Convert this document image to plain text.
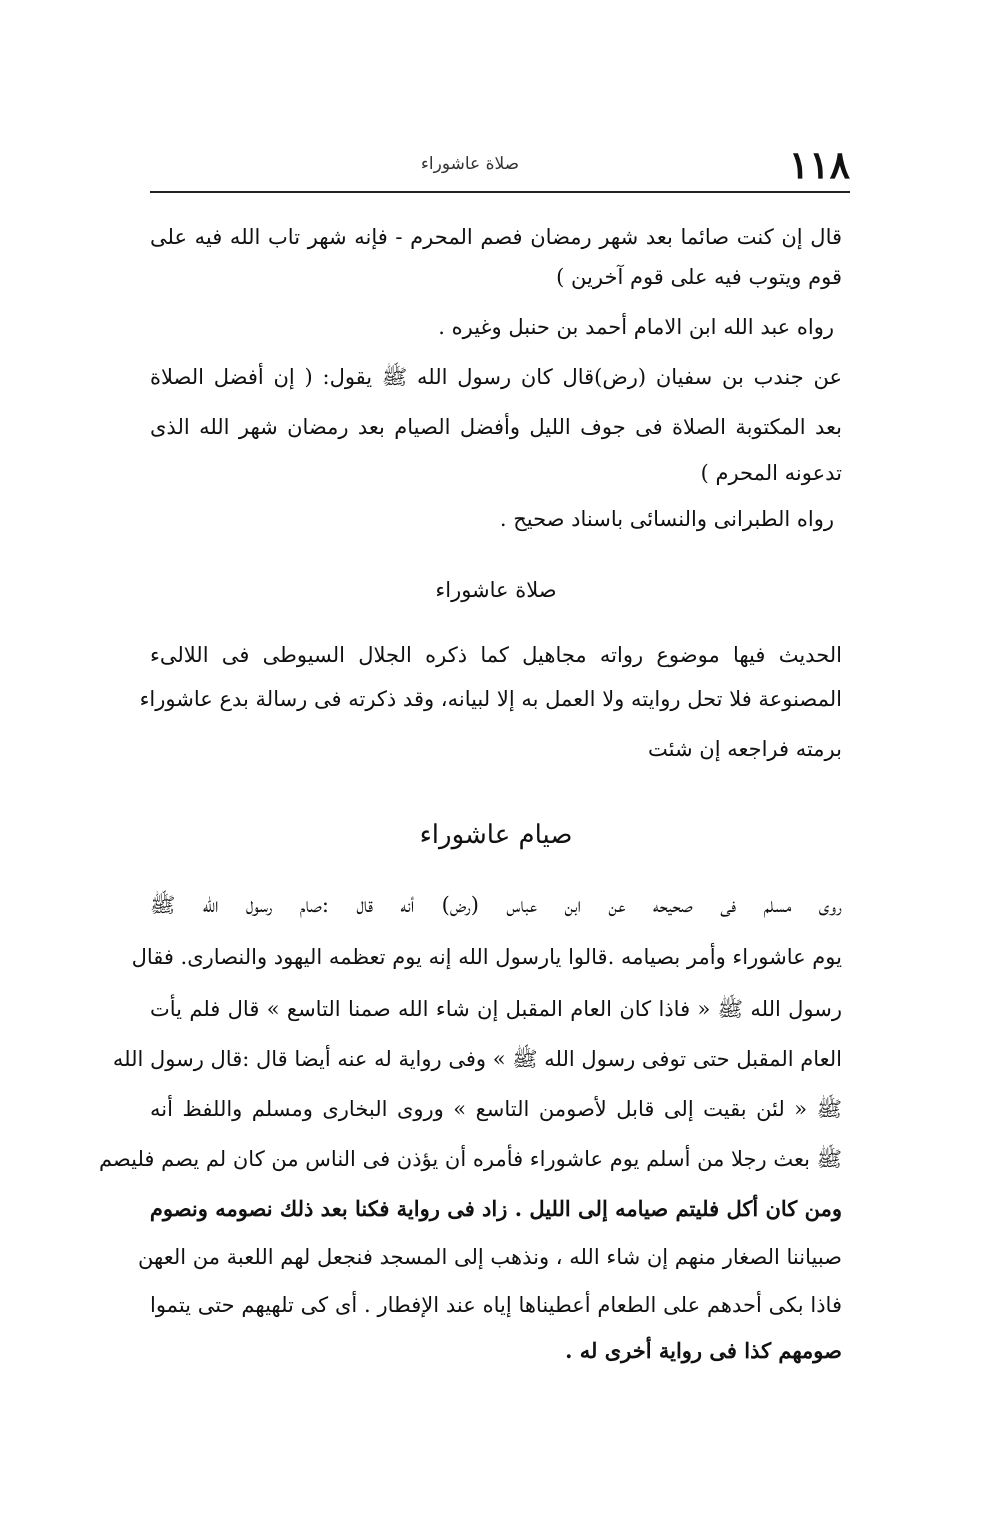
١١٨
صلاة عاشوراء
قال إن كنت صائما بعد شهر رمضان فصم المحرم - فإنه شهر تاب الله فيه على
قوم ويتوب فيه على قوم آخرين )
رواه عبد الله ابن الامام أحمد بن حنبل وغيره .
عن جندب بن سفيان (رض)قال كان رسول الله ﷺ يقول: ( إن أفضل الصلاة
بعد المكتوبة الصلاة فى جوف الليل وأفضل الصيام بعد رمضان شهر الله الذى
تدعونه المحرم )
رواه الطبرانى والنسائى باسناد صحيح .
صلاة عاشوراء
الحديث فيها موضوع رواته مجاهيل كما ذكره الجلال السيوطى فى اللالىء
المصنوعة فلا تحل روايته ولا العمل به إلا لبيانه، وقد ذكرته فى رسالة بدع عاشوراء
برمته فراجعه إن شئت
صيام عاشوراء
روى مسلم فى صحيحه عن ابن عباس (رض) أنه قال :صام رسول الله ﷺ
يوم عاشوراء وأمر بصيامه .قالوا يارسول الله إنه يوم تعظمه اليهود والنصارى. فقال
رسول الله ﷺ « فاذا كان العام المقبل إن شاء الله صمنا التاسع » قال فلم يأت
العام المقبل حتى توفى رسول الله ﷺ » وفى رواية له عنه أيضا قال :قال رسول الله
ﷺ « لئن بقيت إلى قابل لأصومن التاسع » وروى البخارى ومسلم واللفظ أنه
ﷺ بعث رجلا من أسلم يوم عاشوراء فأمره أن يؤذن فى الناس من كان لم يصم فليصم
ومن كان أكل فليتم صيامه إلى الليل . زاد فى رواية فكنا بعد ذلك نصومه ونصوم
صبياننا الصغار منهم إن شاء الله ، ونذهب إلى المسجد فنجعل لهم اللعبة من العهن
فاذا بكى أحدهم على الطعام أعطيناها إياه عند الإفطار . أى كى تلهيهم حتى يتموا
صومهم كذا فى رواية أخرى له .
